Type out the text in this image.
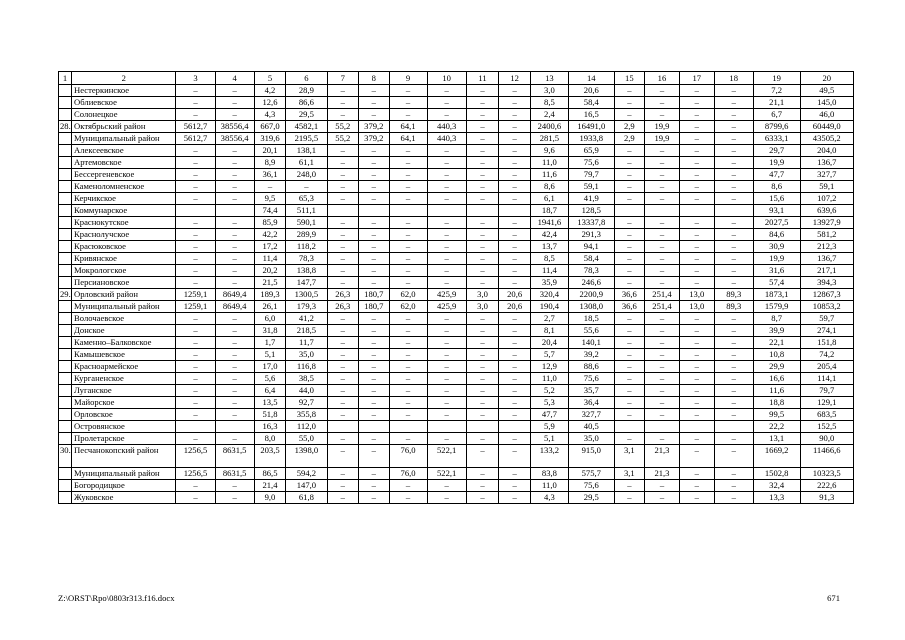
1	2	3	4	5	6	7	8	9	10	11	12	13	14	15	16	17	18	19	20
	Нестеркинское	–	–	4,2	28,9	–	–	–	–	–	–	3,0	20,6	–	–	–	–	7,2	49,5
	Облиевское	–	–	12,6	86,6	–	–	–	–	–	–	8,5	58,4	–	–	–	–	21,1	145,0
	Солонецкое	–	–	4,3	29,5	–	–	–	–	–	–	2,4	16,5	–	–	–	–	6,7	46,0
28.	Октябрьский район	5612,7	38556,4	667,0	4582,1	55,2	379,2	64,1	440,3	–	–	2400,6	16491,0	2,9	19,9	–	–	8799,6	60449,0
	Муниципальный район	5612,7	38556,4	319,6	2195,5	55,2	379,2	64,1	440,3	–	–	281,5	1933,8	2,9	19,9	–	–	6333,1	43505,2
	Алексеевское	–	–	20,1	138,1	–	–	–	–	–	–	9,6	65,9	–	–	–	–	29,7	204,0
	Артемовское	–	–	8,9	61,1	–	–	–	–	–	–	11,0	75,6	–	–	–	–	19,9	136,7
	Бессергеневское	–	–	36,1	248,0	–	–	–	–	–	–	11,6	79,7	–	–	–	–	47,7	327,7
	Каменоломненское	–	–	–	–	–	–	–	–	–	–	8,6	59,1	–	–	–	–	8,6	59,1
	Керчикское	–	–	9,5	65,3	–	–	–	–	–	–	6,1	41,9	–	–	–	–	15,6	107,2
	Коммунарское			74,4	511,1							18,7	128,5					93,1	639,6
	Краснокутское	–	–	85,9	590,1	–	–	–	–	–	–	1941,6	13337,8	–	–	–	–	2027,5	13927,9
	Краснолучское	–	–	42,2	289,9	–	–	–	–	–	–	42,4	291,3	–	–	–	–	84,6	581,2
	Красюковское	–	–	17,2	118,2	–	–	–	–	–	–	13,7	94,1	–	–	–	–	30,9	212,3
	Кривянское	–	–	11,4	78,3	–	–	–	–	–	–	8,5	58,4	–	–	–	–	19,9	136,7
	Мокрологское	–	–	20,2	138,8	–	–	–	–	–	–	11,4	78,3	–	–	–	–	31,6	217,1
	Персиановское	–	–	21,5	147,7	–	–	–	–	–	–	35,9	246,6	–	–	–	–	57,4	394,3
29.	Орловский район	1259,1	8649,4	189,3	1300,5	26,3	180,7	62,0	425,9	3,0	20,6	320,4	2200,9	36,6	251,4	13,0	89,3	1873,1	12867,3
	Муниципальный район	1259,1	8649,4	26,1	179,3	26,3	180,7	62,0	425,9	3,0	20,6	190,4	1308,0	36,6	251,4	13,0	89,3	1579,9	10853,2
	Волочаевское	–	–	6,0	41,2	–	–	–	–	–	–	2,7	18,5	–	–	–	–	8,7	59,7
	Донское	–	–	31,8	218,5	–	–	–	–	–	–	8,1	55,6	–	–	–	–	39,9	274,1
	Каменно–Балковское	–	–	1,7	11,7	–	–	–	–	–	–	20,4	140,1	–	–	–	–	22,1	151,8
	Камышевское	–	–	5,1	35,0	–	–	–	–	–	–	5,7	39,2	–	–	–	–	10,8	74,2
	Красноармейское	–	–	17,0	116,8	–	–	–	–	–	–	12,9	88,6	–	–	–	–	29,9	205,4
	Курганенское	–	–	5,6	38,5	–	–	–	–	–	–	11,0	75,6	–	–	–	–	16,6	114,1
	Луганское	–	–	6,4	44,0	–	–	–	–	–	–	5,2	35,7	–	–	–	–	11,6	79,7
	Майорское	–	–	13,5	92,7	–	–	–	–	–	–	5,3	36,4	–	–	–	–	18,8	129,1
	Орловское	–	–	51,8	355,8	–	–	–	–	–	–	47,7	327,7	–	–	–	–	99,5	683,5
	Островянское			16,3	112,0							5,9	40,5					22,2	152,5
	Пролетарское	–	–	8,0	55,0	–	–	–	–	–	–	5,1	35,0	–	–	–	–	13,1	90,0
30.	Песчанокопский район	1256,5	8631,5	203,5	1398,0	–	–	76,0	522,1	–	–	133,2	915,0	3,1	21,3	–	–	1669,2	11466,6
	Муниципальный район	1256,5	8631,5	86,5	594,2	–	–	76,0	522,1	–	–	83,8	575,7	3,1	21,3	–	–	1502,8	10323,5
	Богородицкое	–	–	21,4	147,0	–	–	–	–	–	–	11,0	75,6	–	–	–	–	32,4	222,6
	Жуковское	–	–	9,0	61,8	–	–	–	–	–	–	4,3	29,5	–	–	–	–	13,3	91,3
Z:\ORST\Rpo\0803r313.f16.docx	671
